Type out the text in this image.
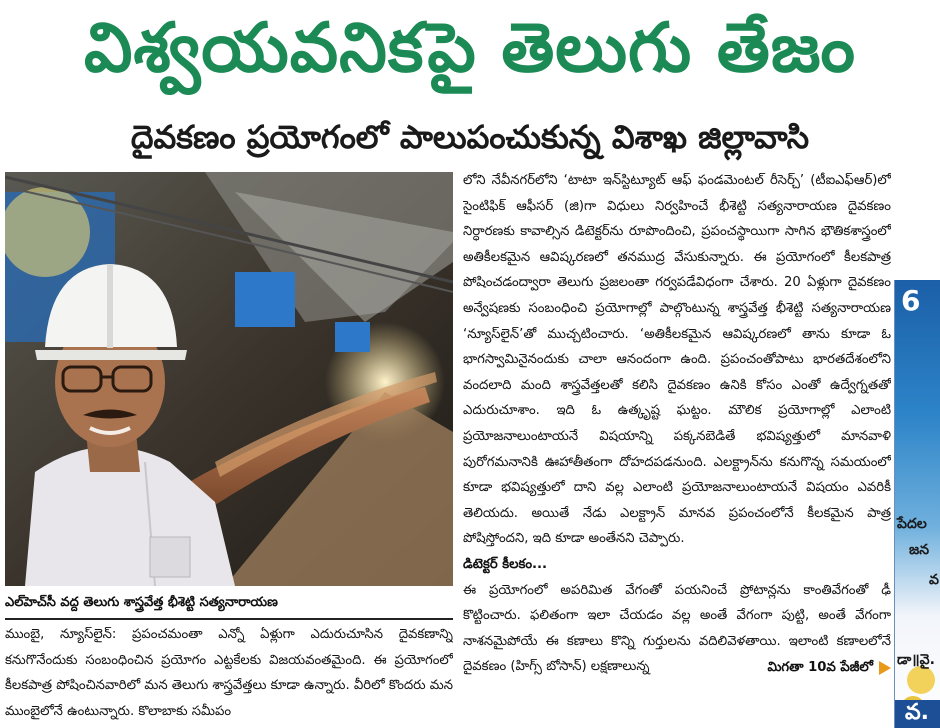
విశ్వయవనికపై తెలుగు తేజం
దైవకణం ప్రయోగంలో పాలుపంచుకున్న విశాఖ జిల్లావాసి
ఎల్‌హెచ్‌సీ వద్ద తెలుగు శాస్త్రవేత్త భీశెట్టి సత్యనారాయణ
ముంబై, న్యూస్‌లైన్: ప్రపంచమంతా ఎన్నో ఏళ్లుగా ఎదురుచూసిన దైవకణాన్ని కనుగొనేందుకు సంబంధించిన ప్రయోగం ఎట్టకేలకు విజయవంతమైంది. ఈ ప్రయోగంలో కీలకపాత్ర పోషించినవారిలో మన తెలుగు శాస్త్రవేత్తలు కూడా ఉన్నారు. వీరిలో కొందరు మన ముంబైలోనే ఉంటున్నారు. కొలాబాకు సమీపం

లోని నేవీనగర్‌లోని ‘టాటా ఇన్‌స్టిట్యూట్ ఆఫ్ ఫండమెంటల్ రీసెర్చ్’ (టీఐఎఫ్‌ఆర్)లో సైంటిఫిక్ ఆఫీసర్ (జి)గా విధులు నిర్వహించే భీశెట్టి సత్యనారాయణ దైవకణం నిర్ధారణకు కావాల్సిన డిటెక్టర్‌ను రూపొందించి, ప్రపంచస్థాయిగా సాగిన భౌతికశాస్త్రంలో అతికీలకమైన ఆవిష్కరణలో తనముద్ర వేసుకున్నారు. ఈ ప్రయోగంలో కీలకపాత్ర పోషించడంద్వారా తెలుగు ప్రజలంతా గర్వపడేవిధంగా చేశారు. 20 ఏళ్లుగా దైవకణం అన్వేషణకు సంబంధించి ప్రయోగాల్లో పాల్గొంటున్న శాస్త్రవేత్త భీశెట్టి సత్యనారాయణ ‘న్యూస్‌లైన్’తో ముచ్చటించారు. ‘అతికీలకమైన ఆవిష్కరణలో తాను కూడా ఓ భాగస్వామినైనందుకు చాలా ఆనందంగా ఉంది. ప్రపంచంతోపాటు భారతదేశంలోని వందలాది మంది శాస్త్రవేత్తలతో కలిసి దైవకణం ఉనికి కోసం ఎంతో ఉద్వేగ్నతతో ఎదురుచూశాం. ఇది ఓ ఉత్కృష్ట ఘట్టం. మౌలిక ప్రయోగాల్లో ఎలాంటి ప్రయోజనాలుంటాయనే విషయాన్ని పక్కనబెడితే భవిష్యత్తులో మానవాళి పురోగమనానికి ఊహాతీతంగా దోహదపడనుంది. ఎలక్ట్రాన్‌ను కనుగొన్న సమయంలో కూడా భవిష్యత్తులో దాని వల్ల ఎలాంటి ప్రయోజనాలుంటాయనే విషయం ఎవరికీ తెలియదు. అయితే నేడు ఎలక్ట్రాన్ మానవ ప్రపంచంలోనే కీలకమైన పాత్ర పోషిస్తోందని, ఇది కూడా అంతేనని చెప్పారు.

డిటెక్టర్ కీలకం...

ఈ ప్రయోగంలో అపరిమిత వేగంతో పయనించే ప్రోటాన్లను కాంతివేగంతో ఢీ కొట్టించారు. ఫలితంగా ఇలా చేయడం వల్ల అంతే వేగంగా పుట్టి, అంతే వేగంగా నాశనమైపోయే ఈ కణాలు కొన్ని గుర్తులను వదిలివెళతాయి. ఇలాంటి కణాలలోనే దైవకణం (హిగ్స్ బోసాన్) లక్షణాలున్న	మిగతా 10వ పేజీలో
6
పేదల
జన
వ
డా॥వై.
వ.
